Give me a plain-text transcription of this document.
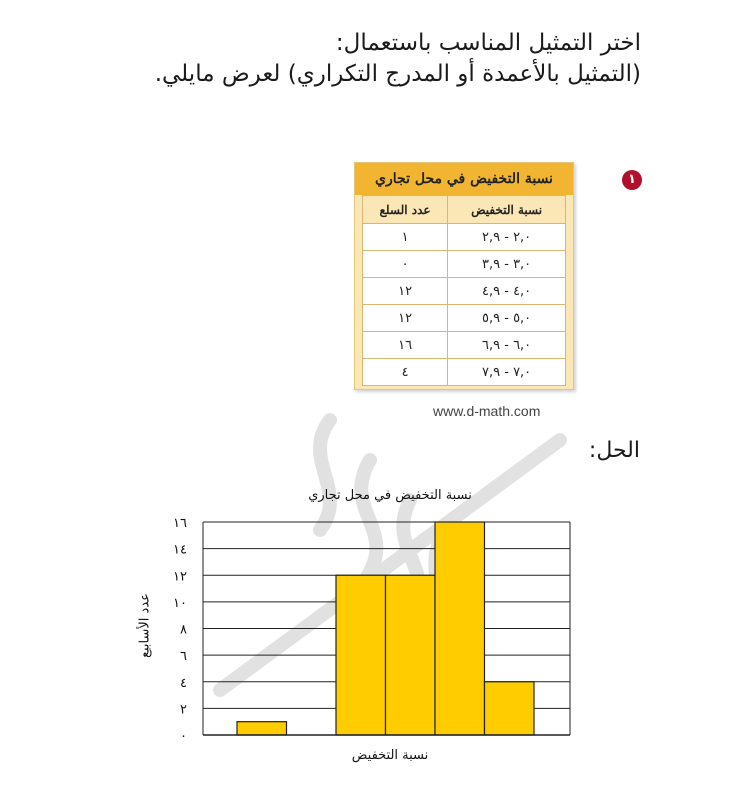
اختر التمثيل المناسب باستعمال:
(التمثيل بالأعمدة أو المدرج التكراري) لعرض مايلي.
١
نسبة التخفيض في محل تجاري
نسبة التخفيض	عدد السلع
٢,٠ - ٢,٩	١
٣,٠ - ٣,٩	٠
٤,٠ - ٤,٩	١٢
٥,٠ - ٥,٩	١٢
٦,٠ - ٦,٩	١٦
٧,٠ - ٧,٩	٤
www.d-math.com
الحل:
نسبة التخفيض في محل تجاري
٠
٢
٤
٦
٨
١٠
١٢
١٤
١٦
نسبة التخفيض
عدد الأسابيع
